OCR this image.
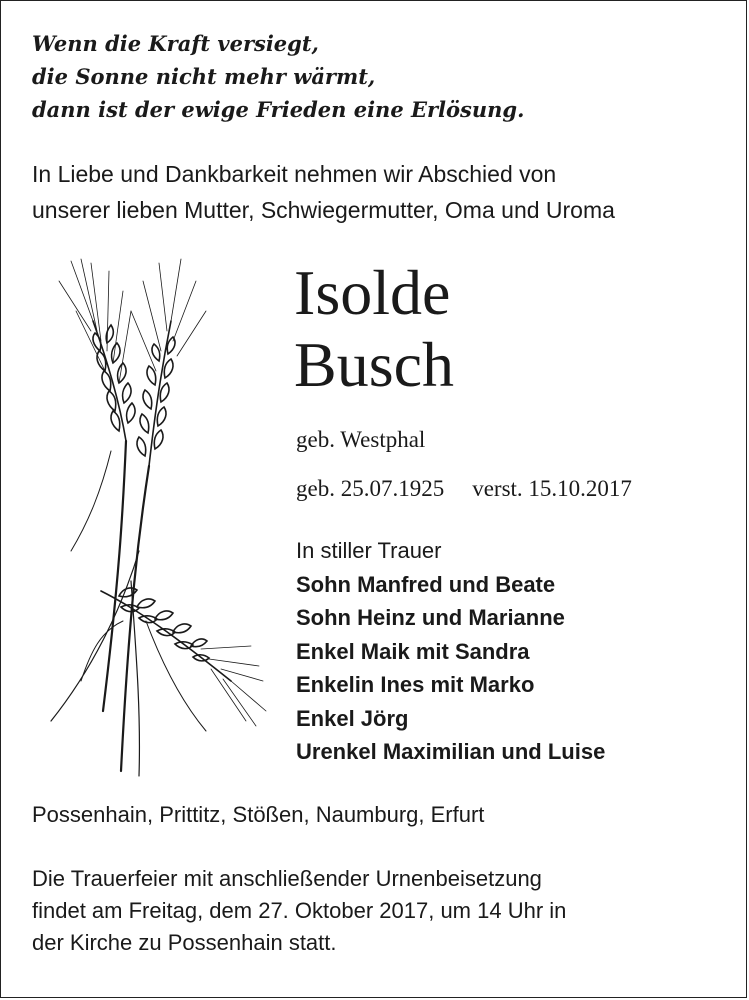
Wenn die Kraft versiegt,
die Sonne nicht mehr wärmt,
dann ist der ewige Frieden eine Erlösung.
In Liebe und Dankbarkeit nehmen wir Abschied von
unserer lieben Mutter, Schwiegermutter, Oma und Uroma
Isolde
Busch
geb. Westphal
geb. 25.07.1925 verst. 15.10.2017
In stiller Trauer
Sohn Manfred und Beate
Sohn Heinz und Marianne
Enkel Maik mit Sandra
Enkelin Ines mit Marko
Enkel Jörg
Urenkel Maximilian und Luise
Possenhain, Prittitz, Stößen, Naumburg, Erfurt
Die Trauerfeier mit anschließender Urnenbeisetzung
findet am Freitag, dem 27. Oktober 2017, um 14 Uhr in
der Kirche zu Possenhain statt.
